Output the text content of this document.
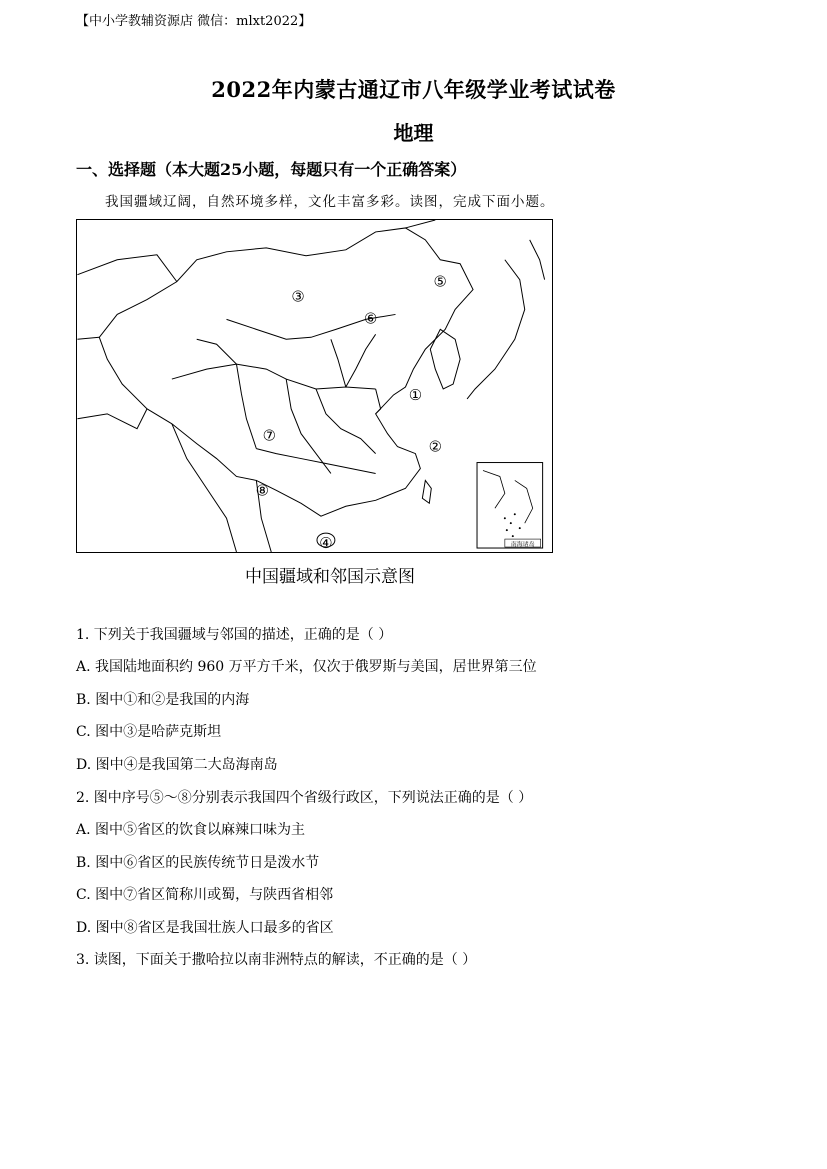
【中小学教辅资源店 微信：mlxt2022】
2022年内蒙古通辽市八年级学业考试试卷
地理
一、选择题（本大题25小题，每题只有一个正确答案）
我国疆域辽阔，自然环境多样，文化丰富多彩。读图，完成下面小题。
南海诸岛
①
②
③
④
⑤
⑥
⑦
⑧
中国疆域和邻国示意图
1. 下列关于我国疆域与邻国的描述，正确的是（ ）
A. 我国陆地面积约 960 万平方千米，仅次于俄罗斯与美国，居世界第三位
B. 图中①和②是我国的内海
C. 图中③是哈萨克斯坦
D. 图中④是我国第二大岛海南岛
2. 图中序号⑤～⑧分别表示我国四个省级行政区，下列说法正确的是（ ）
A. 图中⑤省区的饮食以麻辣口味为主
B. 图中⑥省区的民族传统节日是泼水节
C. 图中⑦省区简称川或蜀，与陕西省相邻
D. 图中⑧省区是我国壮族人口最多的省区
3. 读图，下面关于撒哈拉以南非洲特点的解读，不正确的是（ ）
